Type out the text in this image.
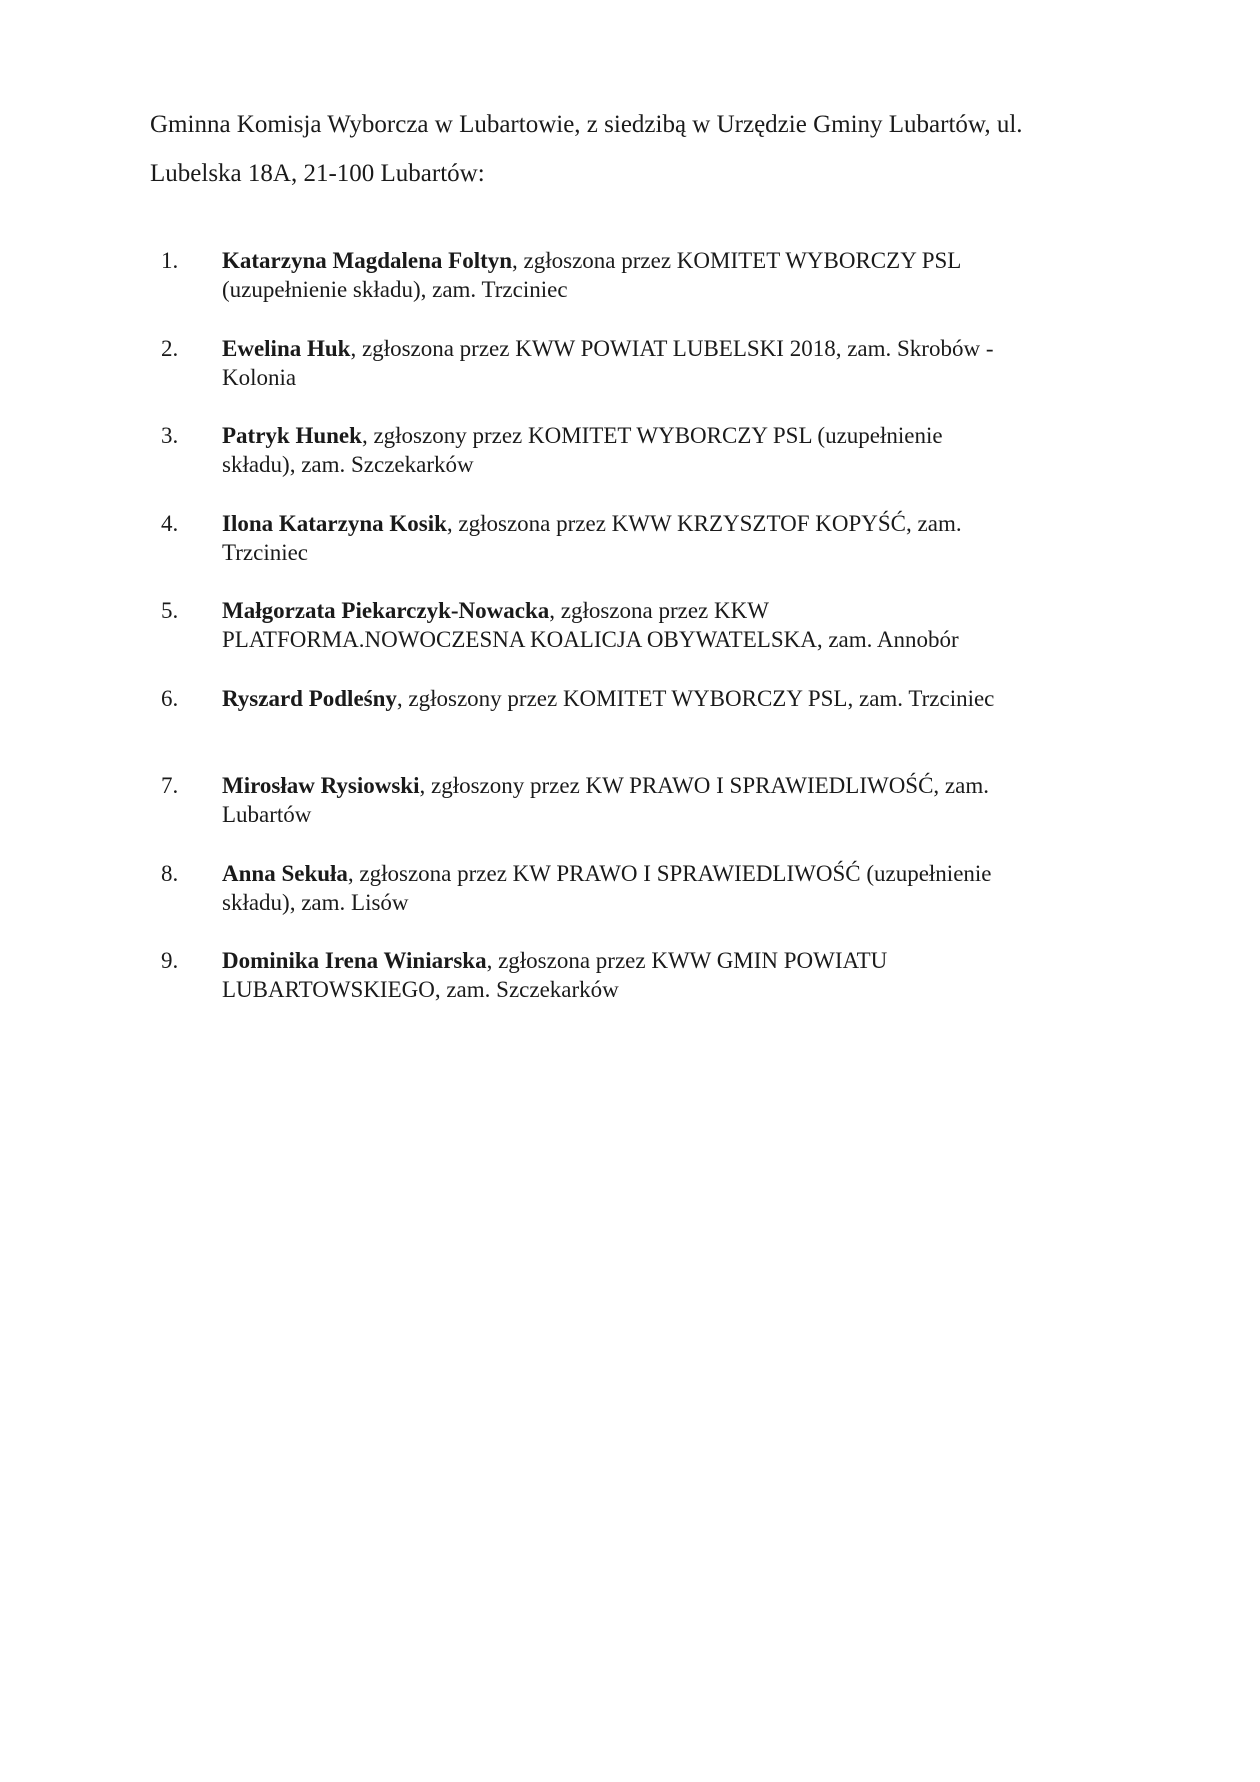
Gminna Komisja Wyborcza w Lubartowie, z siedzibą w Urzędzie Gminy Lubartów, ul.
Lubelska 18A, 21-100 Lubartów:

1.	Katarzyna Magdalena Foltyn, zgłoszona przez KOMITET WYBORCZY PSL
(uzupełnienie składu), zam. Trzciniec
2.	Ewelina Huk, zgłoszona przez KWW POWIAT LUBELSKI 2018, zam. Skrobów -
Kolonia
3.	Patryk Hunek, zgłoszony przez KOMITET WYBORCZY PSL (uzupełnienie
składu), zam. Szczekarków
4.	Ilona Katarzyna Kosik, zgłoszona przez KWW KRZYSZTOF KOPYŚĆ, zam.
Trzciniec
5.	Małgorzata Piekarczyk-Nowacka, zgłoszona przez KKW
PLATFORMA.NOWOCZESNA KOALICJA OBYWATELSKA, zam. Annobór
6.	Ryszard Podleśny, zgłoszony przez KOMITET WYBORCZY PSL, zam. Trzciniec
7.	Mirosław Rysiowski, zgłoszony przez KW PRAWO I SPRAWIEDLIWOŚĆ, zam.
Lubartów
8.	Anna Sekuła, zgłoszona przez KW PRAWO I SPRAWIEDLIWOŚĆ (uzupełnienie
składu), zam. Lisów
9.	Dominika Irena Winiarska, zgłoszona przez KWW GMIN POWIATU
LUBARTOWSKIEGO, zam. Szczekarków
